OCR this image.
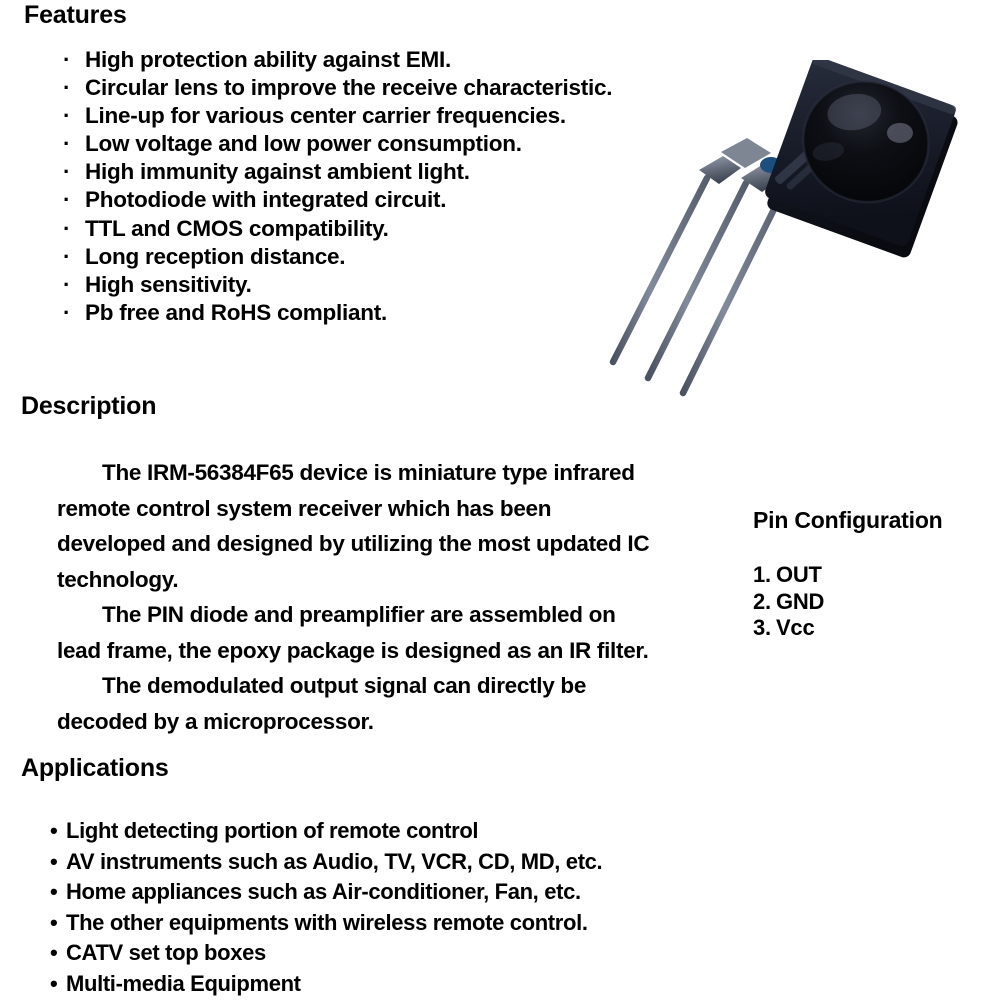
Features
· High protection ability against EMI.
· Circular lens to improve the receive characteristic.
· Line-up for various center carrier frequencies.
· Low voltage and low power consumption.
· High immunity against ambient light.
· Photodiode with integrated circuit.
· TTL and CMOS compatibility.
· Long reception distance.
· High sensitivity.
· Pb free and RoHS compliant.
Description

The IRM-56384F65 device is miniature type infrared remote control system receiver which has been developed and designed by utilizing the most updated IC technology.

The PIN diode and preamplifier are assembled on lead frame, the epoxy package is designed as an IR filter.

The demodulated output signal can directly be decoded by a microprocessor.

Pin Configuration
1. OUT
2. GND
3. Vcc
Applications
• Light detecting portion of remote control
• AV instruments such as Audio, TV, VCR, CD, MD, etc.
• Home appliances such as Air-conditioner, Fan, etc.
• The other equipments with wireless remote control.
• CATV set top boxes
• Multi-media Equipment
